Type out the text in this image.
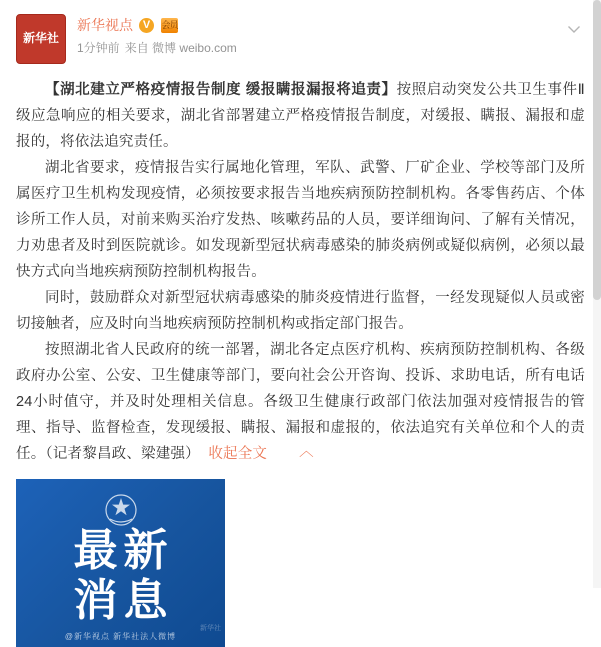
新华社
新华视点 V	会员
1分钟前 来自 微博 weibo.com

【湖北建立严格疫情报告制度 缓报瞒报漏报将追责】按照启动突发公共卫生事件Ⅱ级应急响应的相关要求，湖北省部署建立严格疫情报告制度，对缓报、瞒报、漏报和虚报的，将依法追究责任。

湖北省要求，疫情报告实行属地化管理，军队、武警、厂矿企业、学校等部门及所属医疗卫生机构发现疫情，必须按要求报告当地疾病预防控制机构。各零售药店、个体诊所工作人员，对前来购买治疗发热、咳嗽药品的人员，要详细询问、了解有关情况，力劝患者及时到医院就诊。如发现新型冠状病毒感染的肺炎病例或疑似病例，必须以最快方式向当地疾病预防控制机构报告。

同时，鼓励群众对新型冠状病毒感染的肺炎疫情进行监督，一经发现疑似人员或密切接触者，应及时向当地疾病预防控制机构或指定部门报告。

按照湖北省人民政府的统一部署，湖北各定点医疗机构、疾病预防控制机构、各级政府办公室、公安、卫生健康等部门，要向社会公开咨询、投诉、求助电话，所有电话24小时值守，并及时处理相关信息。各级卫生健康行政部门依法加强对疫情报告的管理、指导、监督检查，发现缓报、瞒报、漏报和虚报的，依法追究有关单位和个人的责任。（记者黎昌政、梁建强） 收起全文 ︿

最新
消息
新华社
@新华视点 新华社法人微博
